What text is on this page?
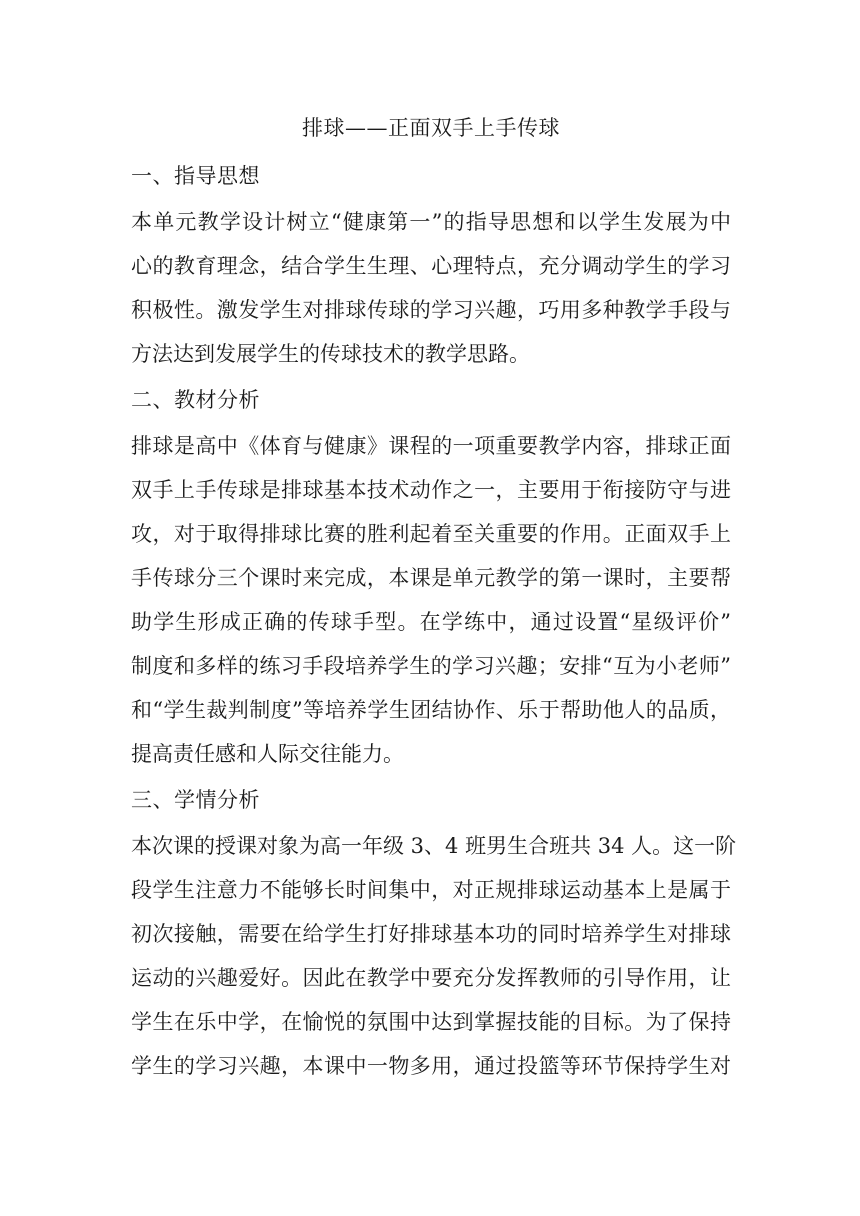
排球——正面双手上手传球
一、指导思想
本单元教学设计树立“健康第一”的指导思想和以学生发展为中
心的教育理念，结合学生生理、心理特点，充分调动学生的学习
积极性。激发学生对排球传球的学习兴趣，巧用多种教学手段与
方法达到发展学生的传球技术的教学思路。
二、教材分析
排球是高中《体育与健康》课程的一项重要教学内容，排球正面
双手上手传球是排球基本技术动作之一，主要用于衔接防守与进
攻，对于取得排球比赛的胜利起着至关重要的作用。正面双手上
手传球分三个课时来完成，本课是单元教学的第一课时，主要帮
助学生形成正确的传球手型。在学练中，通过设置“星级评价”
制度和多样的练习手段培养学生的学习兴趣；安排“互为小老师”
和“学生裁判制度”等培养学生团结协作、乐于帮助他人的品质，
提高责任感和人际交往能力。
三、学情分析
本次课的授课对象为高一年级 3、4 班男生合班共 34 人。这一阶
段学生注意力不能够长时间集中，对正规排球运动基本上是属于
初次接触，需要在给学生打好排球基本功的同时培养学生对排球
运动的兴趣爱好。因此在教学中要充分发挥教师的引导作用，让
学生在乐中学，在愉悦的氛围中达到掌握技能的目标。为了保持
学生的学习兴趣，本课中一物多用，通过投篮等环节保持学生对
